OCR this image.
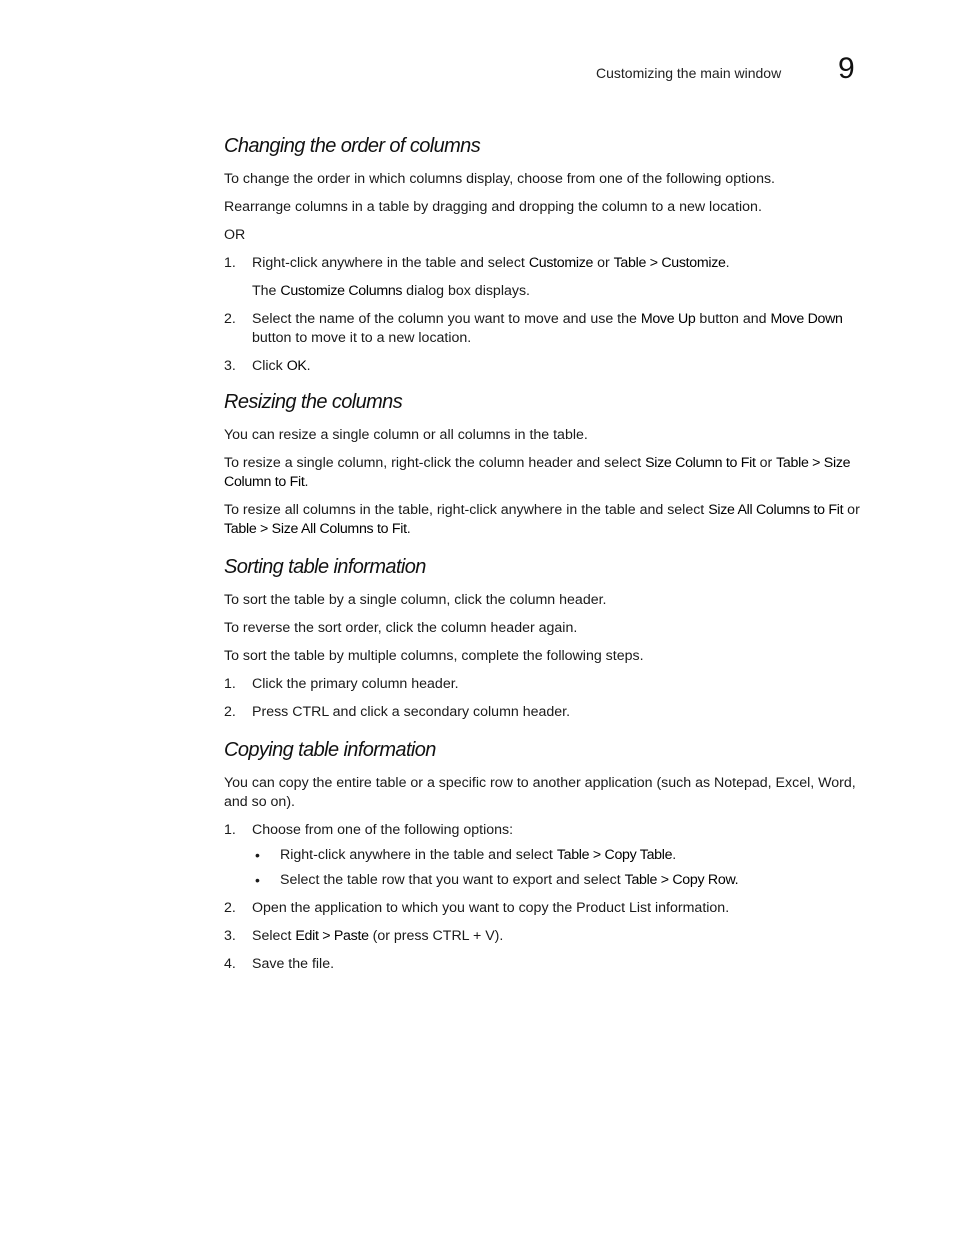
Customizing the main window 9
Changing the order of columns

To change the order in which columns display, choose from one of the following options.

Rearrange columns in a table by dragging and dropping the column to a new location.

OR

1. Right-click anywhere in the table and select Customize or Table > Customize.
The Customize Columns dialog box displays.
2. Select the name of the column you want to move and use the Move Up button and Move Down button to move it to a new location.
3. Click OK.
Resizing the columns

You can resize a single column or all columns in the table.

To resize a single column, right-click the column header and select Size Column to Fit or Table > Size Column to Fit.

To resize all columns in the table, right-click anywhere in the table and select Size All Columns to Fit or Table > Size All Columns to Fit.

Sorting table information

To sort the table by a single column, click the column header.

To reverse the sort order, click the column header again.

To sort the table by multiple columns, complete the following steps.

1. Click the primary column header.
2. Press CTRL and click a secondary column header.
Copying table information

You can copy the entire table or a specific row to another application (such as Notepad, Excel, Word, and so on).

1. Choose from one of the following options:
• Right-click anywhere in the table and select Table > Copy Table.
• Select the table row that you want to export and select Table > Copy Row.
2. Open the application to which you want to copy the Product List information.
3. Select Edit > Paste (or press CTRL + V).
4. Save the file.
